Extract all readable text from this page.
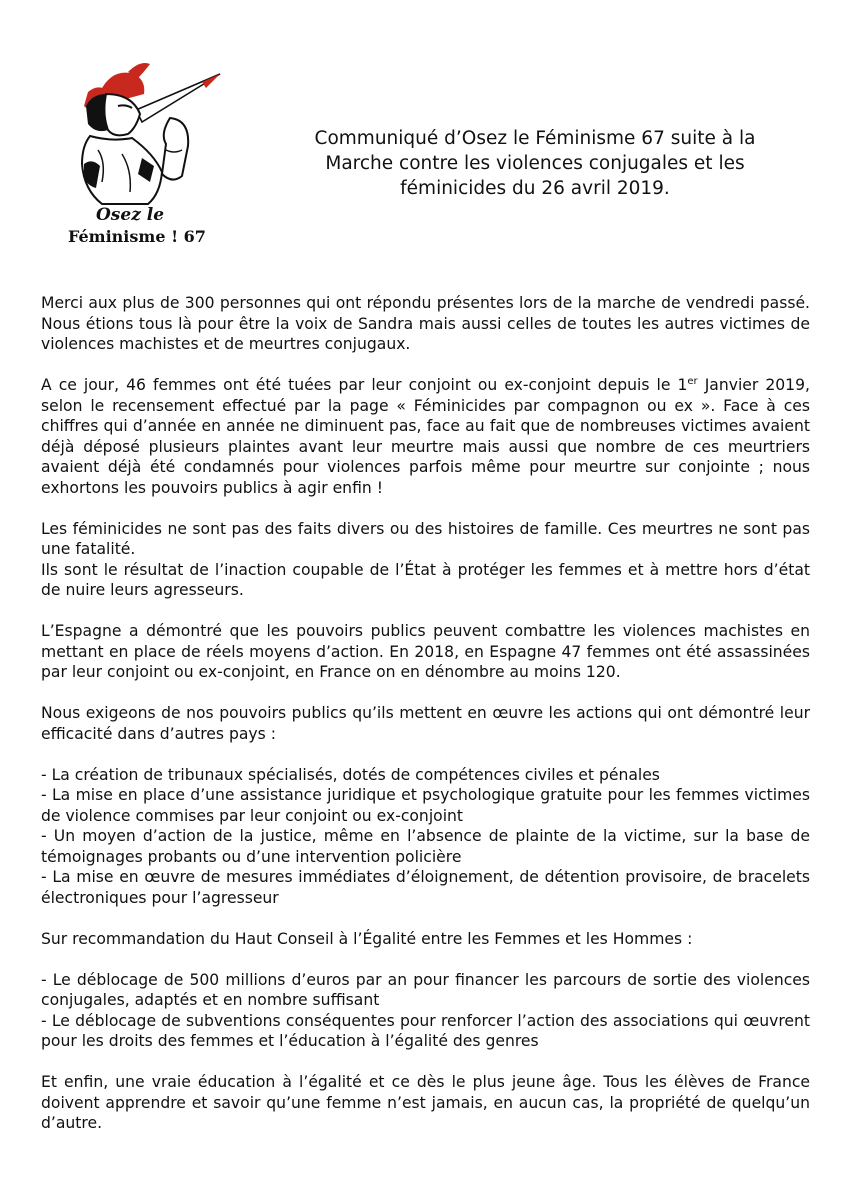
Osez le
Féminisme ! 67
Communiqué d’Osez le Féminisme 67 suite à la
Marche contre les violences conjugales et les
féminicides du 26 avril 2019.

Merci aux plus de 300 personnes qui ont répondu présentes lors de la marche de vendredi passé. Nous étions tous là pour être la voix de Sandra mais aussi celles de toutes les autres victimes de violences machistes et de meurtres conjugaux.

A ce jour, 46 femmes ont été tuées par leur conjoint ou ex-conjoint depuis le 1er Janvier 2019, selon le recensement effectué par la page « Féminicides par compagnon ou ex ». Face à ces chiffres qui d’année en année ne diminuent pas, face au fait que de nombreuses victimes avaient déjà déposé plusieurs plaintes avant leur meurtre mais aussi que nombre de ces meurtriers avaient déjà été condamnés pour violences parfois même pour meurtre sur conjointe ; nous exhortons les pouvoirs publics à agir enfin !

Les féminicides ne sont pas des faits divers ou des histoires de famille. Ces meurtres ne sont pas une fatalité.

Ils sont le résultat de l’inaction coupable de l’État à protéger les femmes et à mettre hors d’état de nuire leurs agresseurs.

L’Espagne a démontré que les pouvoirs publics peuvent combattre les violences machistes en mettant en place de réels moyens d’action. En 2018, en Espagne 47 femmes ont été assassinées par leur conjoint ou ex-conjoint, en France on en dénombre au moins 120.

Nous exigeons de nos pouvoirs publics qu’ils mettent en œuvre les actions qui ont démontré leur efficacité dans d’autres pays :

- La création de tribunaux spécialisés, dotés de compétences civiles et pénales

- La mise en place d’une assistance juridique et psychologique gratuite pour les femmes victimes de violence commises par leur conjoint ou ex-conjoint

- Un moyen d’action de la justice, même en l’absence de plainte de la victime, sur la base de témoignages probants ou d’une intervention policière

- La mise en œuvre de mesures immédiates d’éloignement, de détention provisoire, de bracelets électroniques pour l’agresseur

Sur recommandation du Haut Conseil à l’Égalité entre les Femmes et les Hommes :

- Le déblocage de 500 millions d’euros par an pour financer les parcours de sortie des violences conjugales, adaptés et en nombre suffisant

- Le déblocage de subventions conséquentes pour renforcer l’action des associations qui œuvrent pour les droits des femmes et l’éducation à l’égalité des genres

Et enfin, une vraie éducation à l’égalité et ce dès le plus jeune âge. Tous les élèves de France doivent apprendre et savoir qu’une femme n’est jamais, en aucun cas, la propriété de quelqu’un d’autre.
